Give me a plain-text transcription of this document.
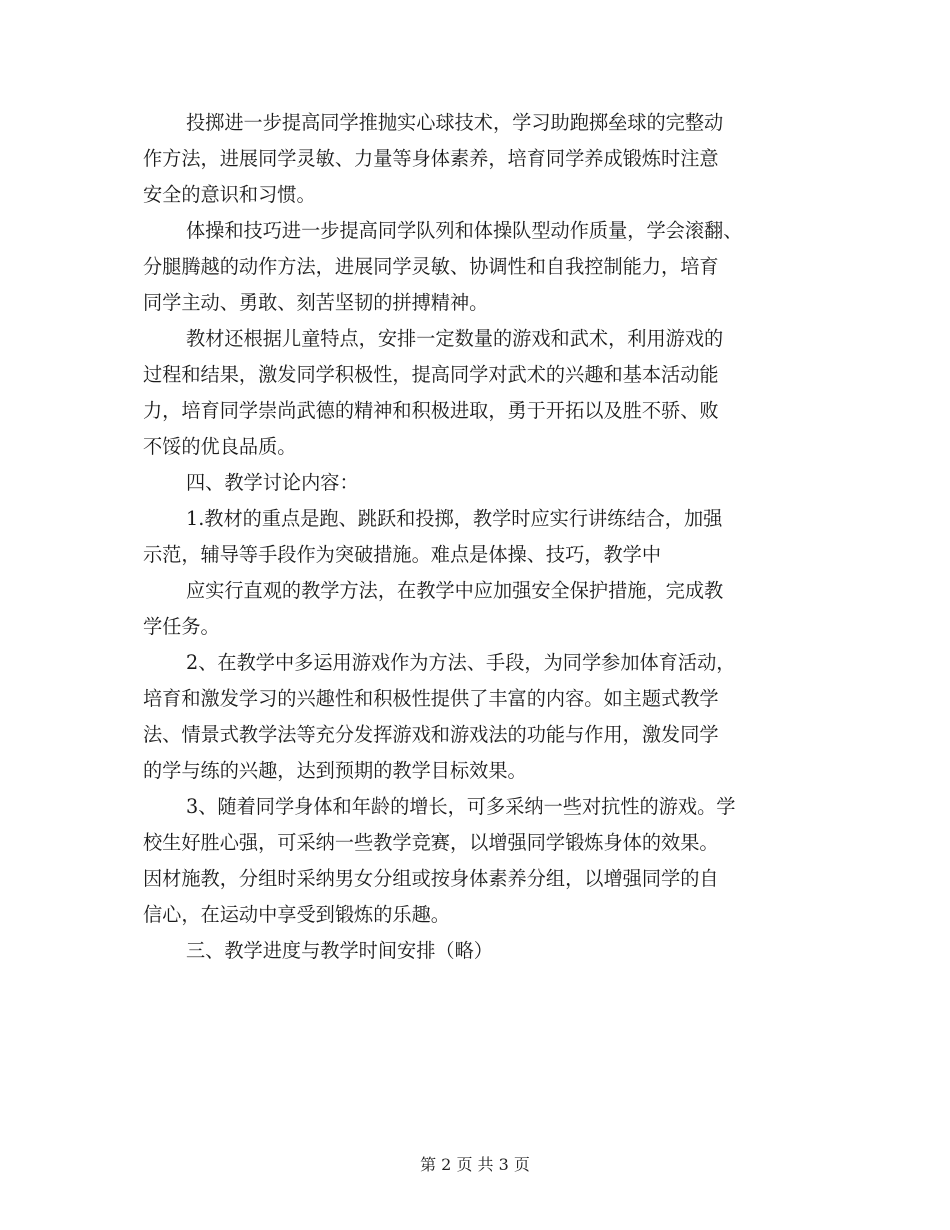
投掷进一步提高同学推抛实心球技术，学习助跑掷垒球的完整动
作方法，进展同学灵敏、力量等身体素养，培育同学养成锻炼时注意
安全的意识和习惯。

体操和技巧进一步提高同学队列和体操队型动作质量，学会滚翻、
分腿腾越的动作方法，进展同学灵敏、协调性和自我控制能力，培育
同学主动、勇敢、刻苦坚韧的拼搏精神。

教材还根据儿童特点，安排一定数量的游戏和武术，利用游戏的
过程和结果，激发同学积极性，提高同学对武术的兴趣和基本活动能
力，培育同学崇尚武德的精神和积极进取，勇于开拓以及胜不骄、败
不馁的优良品质。

四、教学讨论内容：

1.教材的重点是跑、跳跃和投掷，教学时应实行讲练结合，加强
示范，辅导等手段作为突破措施。难点是体操、技巧，教学中

应实行直观的教学方法，在教学中应加强安全保护措施，完成教
学任务。

2、在教学中多运用游戏作为方法、手段，为同学参加体育活动，
培育和激发学习的兴趣性和积极性提供了丰富的内容。如主题式教学
法、情景式教学法等充分发挥游戏和游戏法的功能与作用，激发同学
的学与练的兴趣，达到预期的教学目标效果。

3、随着同学身体和年龄的增长，可多采纳一些对抗性的游戏。学
校生好胜心强，可采纳一些教学竞赛，以增强同学锻炼身体的效果。
因材施教，分组时采纳男女分组或按身体素养分组，以增强同学的自
信心，在运动中享受到锻炼的乐趣。

三、教学进度与教学时间安排（略）

第 2 页 共 3 页
